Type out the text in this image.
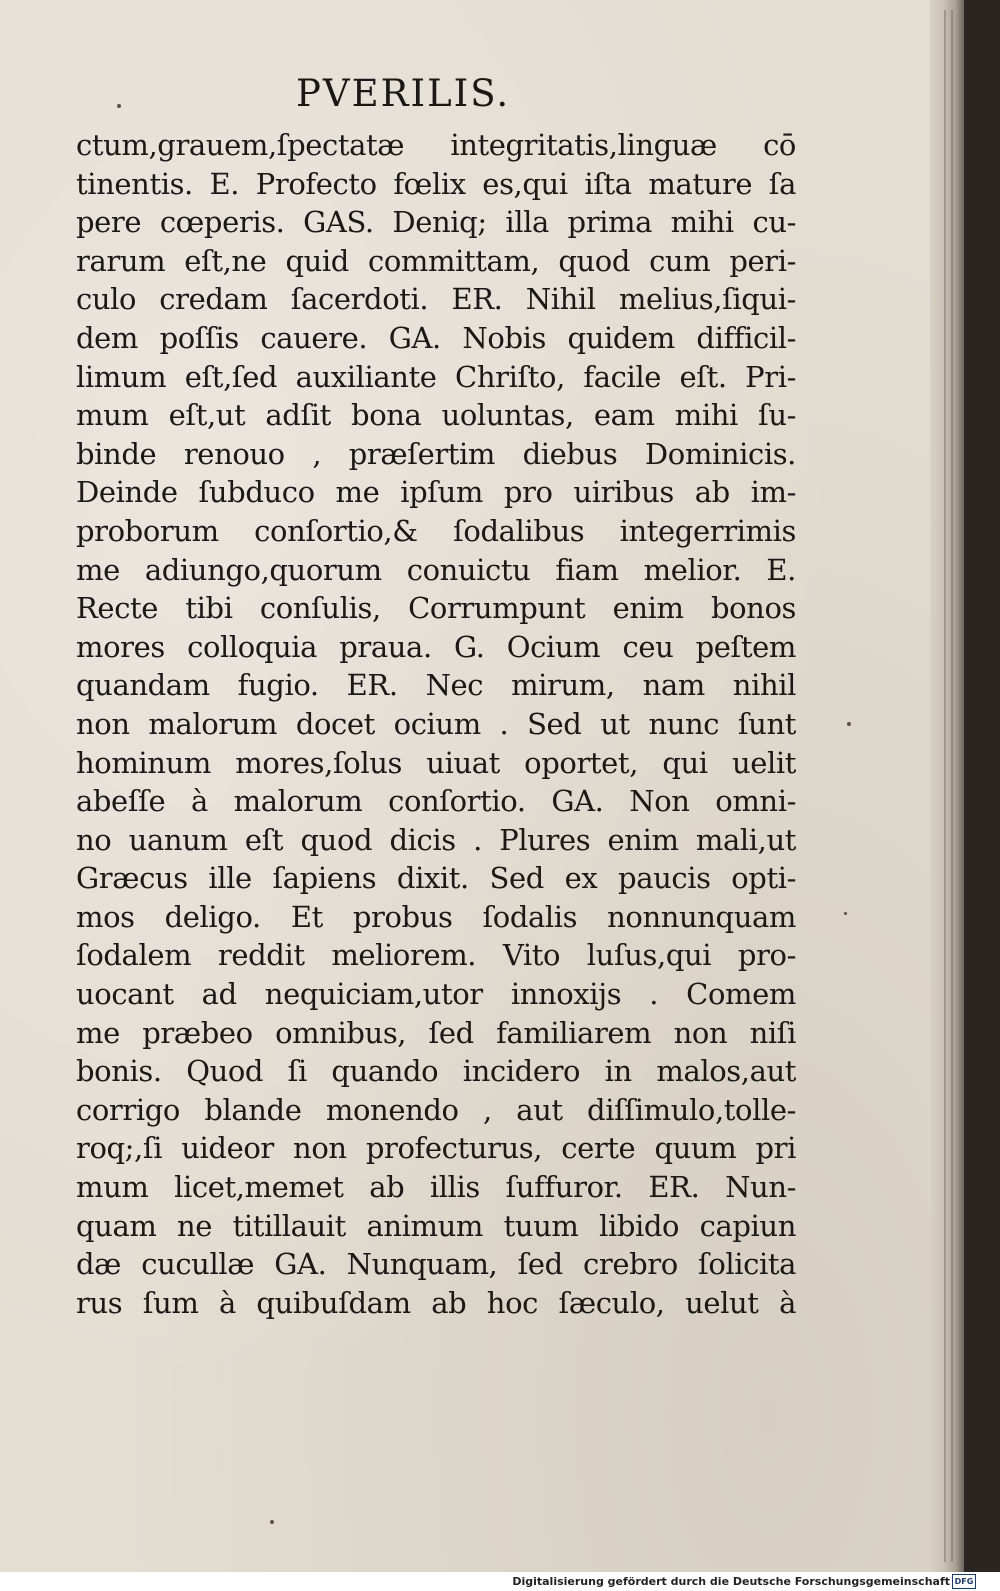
PVERILIS.
ctum,grauem,ſpectatæ integritatis,linguæ cō
tinentis. E. Profecto fœlix es,qui iſta mature ſa
pere cœperis. GAS. Deniq; illa prima mihi cu-
rarum eſt,ne quid committam, quod cum peri-
culo credam ſacerdoti. ER. Nihil melius,ſiqui-
dem poſſis cauere. GA. Nobis quidem difficil-
limum eſt,ſed auxiliante Chriſto, facile eſt. Pri-
mum eſt,ut adſit bona uoluntas, eam mihi ſu-
binde renouo , præſertim diebus Dominicis.
Deinde ſubduco me ipſum pro uiribus ab im-
proborum conſortio,& ſodalibus integerrimis
me adiungo,quorum conuictu fiam melior. E.
Recte tibi conſulis, Corrumpunt enim bonos
mores colloquia praua. G. Ocium ceu peſtem
quandam fugio. ER. Nec mirum, nam nihil
non malorum docet ocium . Sed ut nunc ſunt
hominum mores,ſolus uiuat oportet, qui uelit
abeſſe à malorum conſortio. GA. Non omni-
no uanum eſt quod dicis . Plures enim mali,ut
Græcus ille ſapiens dixit. Sed ex paucis opti-
mos deligo. Et probus ſodalis nonnunquam
ſodalem reddit meliorem. Vito luſus,qui pro-
uocant ad nequiciam,utor innoxijs . Comem
me præbeo omnibus, ſed familiarem non niſi
bonis. Quod ſi quando incidero in malos,aut
corrigo blande monendo , aut diſſimulo,tolle-
roq;,ſi uideor non profecturus, certe quum pri
mum licet,memet ab illis ſuffuror. ER. Nun-
quam ne titillauit animum tuum libido capiun
dæ cucullæ GA. Nunquam, ſed crebro ſolicita
rus ſum à quibuſdam ab hoc ſæculo, uelut à
Digitalisierung gefördert durch die Deutsche Forschungsgemeinschaft DFG
